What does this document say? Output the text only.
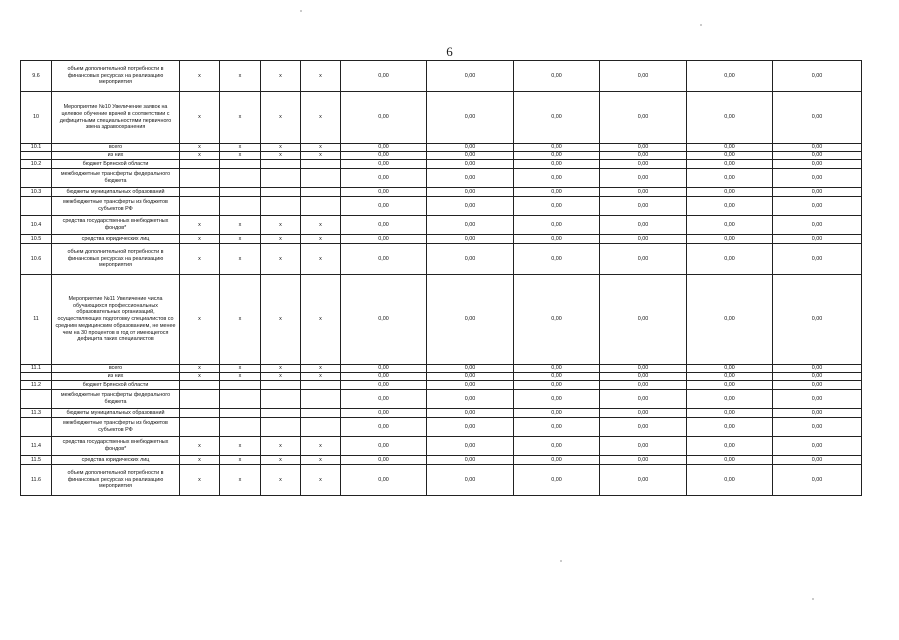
6
9.6	объем дополнительной потребности в финансовых ресурсах на реализацию мероприятия	x	x	x	x	0,00	0,00	0,00	0,00	0,00	0,00
10	Мероприятие №10 Увеличение заявок на целевое обучение врачей в соответствии с дефицитными специальностями первичного звена здравоохранения	x	x	x	x	0,00	0,00	0,00	0,00	0,00	0,00
10.1	всего	x	x	x	x	0,00	0,00	0,00	0,00	0,00	0,00
	из них	x	x	x	x	0,00	0,00	0,00	0,00	0,00	0,00
10.2	бюджет Брянской области					0,00	0,00	0,00	0,00	0,00	0,00
	межбюджетные трансферты федерального бюджета					0,00	0,00	0,00	0,00	0,00	0,00
10.3	бюджеты муниципальных образований					0,00	0,00	0,00	0,00	0,00	0,00
	межбюджетные трансферты из бюджетов субъектов РФ					0,00	0,00	0,00	0,00	0,00	0,00
10.4	средства государственных внебюджетных фондов*	x	x	x	x	0,00	0,00	0,00	0,00	0,00	0,00
10.5	средства юридических лиц	x	x	x	x	0,00	0,00	0,00	0,00	0,00	0,00
10.6	объем дополнительной потребности в финансовых ресурсах на реализацию мероприятия	x	x	x	x	0,00	0,00	0,00	0,00	0,00	0,00
11	Мероприятие №11 Увеличение числа обучающихся профессиональных образовательных организаций, осуществляющих подготовку специалистов со средним медицинским образованием, не менее чем на 30 процентов в год от имеющегося дефицита таких специалистов	x	x	x	x	0,00	0,00	0,00	0,00	0,00	0,00
11.1	всего	x	x	x	x	0,00	0,00	0,00	0,00	0,00	0,00
	из них	x	x	x	x	0,00	0,00	0,00	0,00	0,00	0,00
11.2	бюджет Брянской области					0,00	0,00	0,00	0,00	0,00	0,00
	межбюджетные трансферты федерального бюджета					0,00	0,00	0,00	0,00	0,00	0,00
11.3	бюджеты муниципальных образований					0,00	0,00	0,00	0,00	0,00	0,00
	межбюджетные трансферты из бюджетов субъектов РФ					0,00	0,00	0,00	0,00	0,00	0,00
11.4	средства государственных внебюджетных фондов*	x	x	x	x	0,00	0,00	0,00	0,00	0,00	0,00
11.5	средства юридических лиц	x	x	x	x	0,00	0,00	0,00	0,00	0,00	0,00
11.6	объем дополнительной потребности в финансовых ресурсах на реализацию мероприятия	x	x	x	x	0,00	0,00	0,00	0,00	0,00	0,00
